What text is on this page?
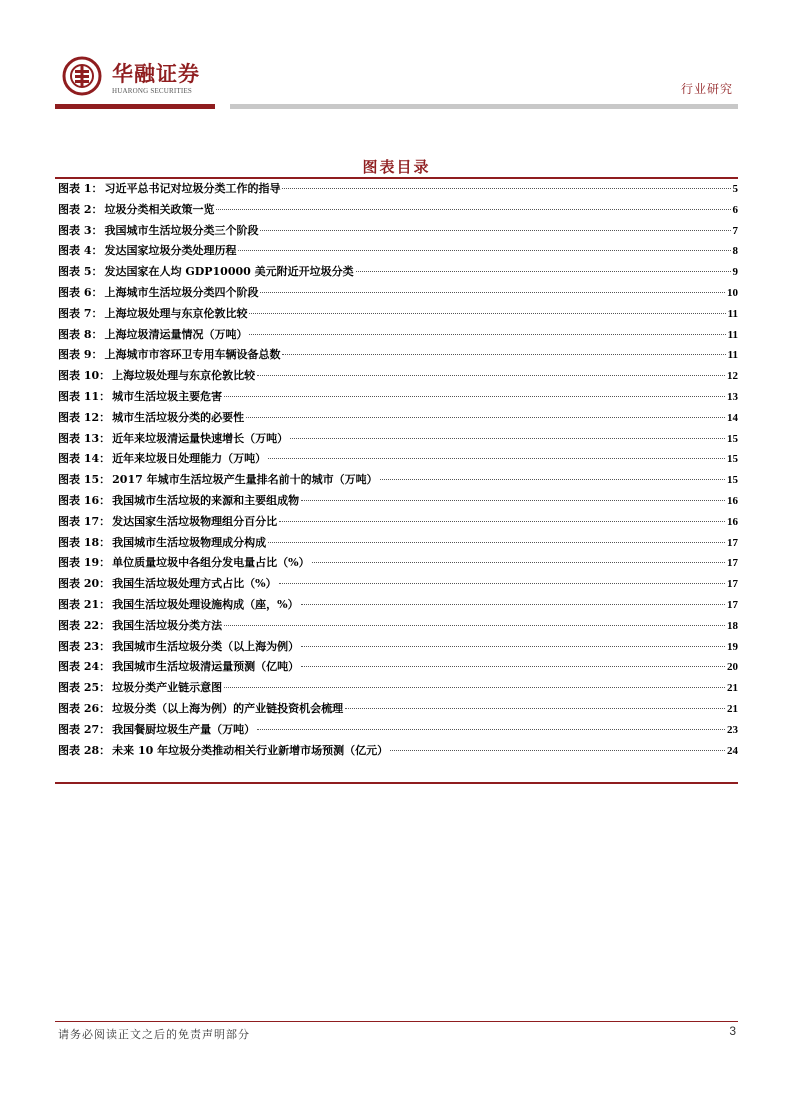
华融证券
HUARONG SECURITIES	行业研究
图表目录
图表 1： 习近平总书记对垃圾分类工作的指导	5
图表 2： 垃圾分类相关政策一览	6
图表 3： 我国城市生活垃圾分类三个阶段	7
图表 4： 发达国家垃圾分类处理历程	8
图表 5： 发达国家在人均 GDP10000 美元附近开垃圾分类	9
图表 6： 上海城市生活垃圾分类四个阶段	10
图表 7： 上海垃圾处理与东京伦敦比较	11
图表 8： 上海垃圾清运量情况（万吨）	11
图表 9： 上海城市市容环卫专用车辆设备总数	11
图表 10： 上海垃圾处理与东京伦敦比较	12
图表 11： 城市生活垃圾主要危害	13
图表 12： 城市生活垃圾分类的必要性	14
图表 13： 近年来垃圾清运量快速增长（万吨）	15
图表 14： 近年来垃圾日处理能力（万吨）	15
图表 15： 2017 年城市生活垃圾产生量排名前十的城市（万吨）	15
图表 16： 我国城市生活垃圾的来源和主要组成物	16
图表 17： 发达国家生活垃圾物理组分百分比	16
图表 18： 我国城市生活垃圾物理成分构成	17
图表 19： 单位质量垃圾中各组分发电量占比（%）	17
图表 20： 我国生活垃圾处理方式占比（%）	17
图表 21： 我国生活垃圾处理设施构成（座，%）	17
图表 22： 我国生活垃圾分类方法	18
图表 23： 我国城市生活垃圾分类（以上海为例）	19
图表 24： 我国城市生活垃圾清运量预测（亿吨）	20
图表 25： 垃圾分类产业链示意图	21
图表 26： 垃圾分类（以上海为例）的产业链投资机会梳理	21
图表 27： 我国餐厨垃圾生产量（万吨）	23
图表 28： 未来 10 年垃圾分类推动相关行业新增市场预测（亿元）	24
请务必阅读正文之后的免责声明部分	3
